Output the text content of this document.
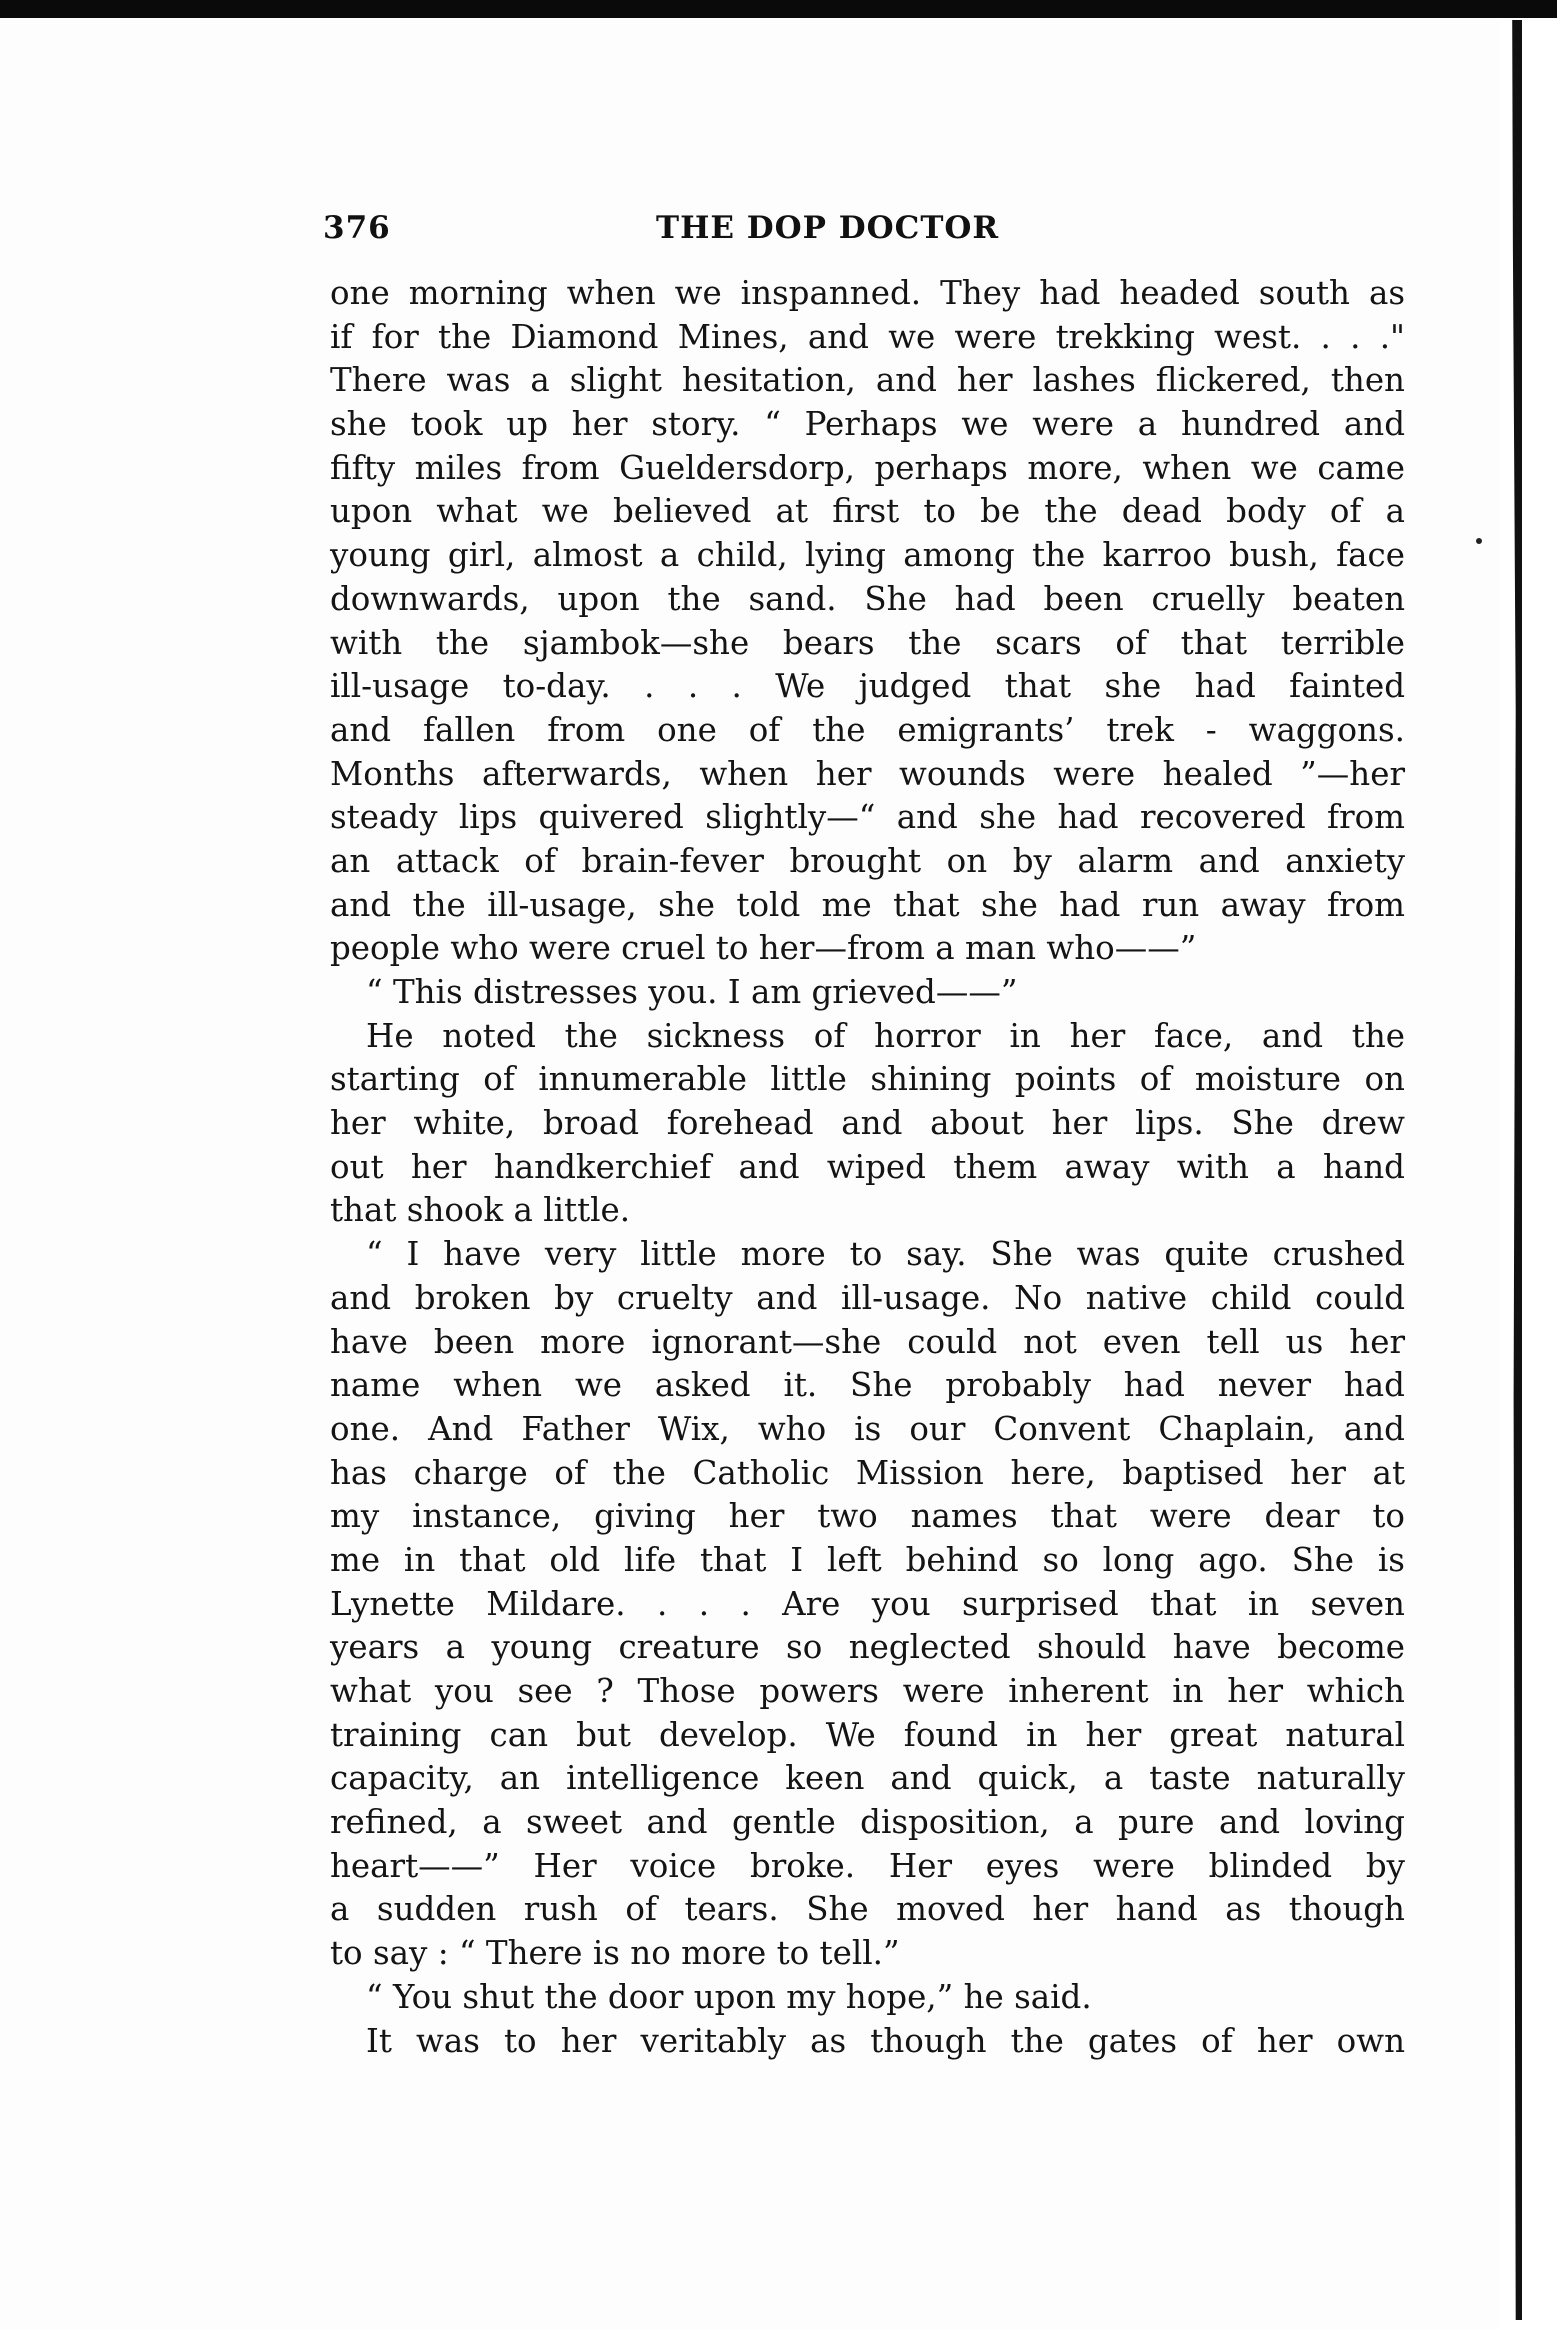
376	THE DOP DOCTOR
one morning when we inspanned. They had headed south as
if for the Diamond Mines, and we were trekking west. . . ."
There was a slight hesitation, and her lashes flickered, then
she took up her story. “ Perhaps we were a hundred and
fifty miles from Gueldersdorp, perhaps more, when we came
upon what we believed at first to be the dead body of a
young girl, almost a child, lying among the karroo bush, face
downwards, upon the sand. She had been cruelly beaten
with the sjambok—she bears the scars of that terrible
ill-usage to-day. . . . We judged that she had fainted
and fallen from one of the emigrants’ trek - waggons.
Months afterwards, when her wounds were healed ”—her
steady lips quivered slightly—“ and she had recovered from
an attack of brain-fever brought on by alarm and anxiety
and the ill-usage, she told me that she had run away from
people who were cruel to her—from a man who——”
“ This distresses you. I am grieved——”
He noted the sickness of horror in her face, and the
starting of innumerable little shining points of moisture on
her white, broad forehead and about her lips. She drew
out her handkerchief and wiped them away with a hand
that shook a little.
“ I have very little more to say. She was quite crushed
and broken by cruelty and ill-usage. No native child could
have been more ignorant—she could not even tell us her
name when we asked it. She probably had never had
one. And Father Wix, who is our Convent Chaplain, and
has charge of the Catholic Mission here, baptised her at
my instance, giving her two names that were dear to
me in that old life that I left behind so long ago. She is
Lynette Mildare. . . . Are you surprised that in seven
years a young creature so neglected should have become
what you see ? Those powers were inherent in her which
training can but develop. We found in her great natural
capacity, an intelligence keen and quick, a taste naturally
refined, a sweet and gentle disposition, a pure and loving
heart——” Her voice broke. Her eyes were blinded by
a sudden rush of tears. She moved her hand as though
to say : “ There is no more to tell.”
“ You shut the door upon my hope,” he said.
It was to her veritably as though the gates of her own
